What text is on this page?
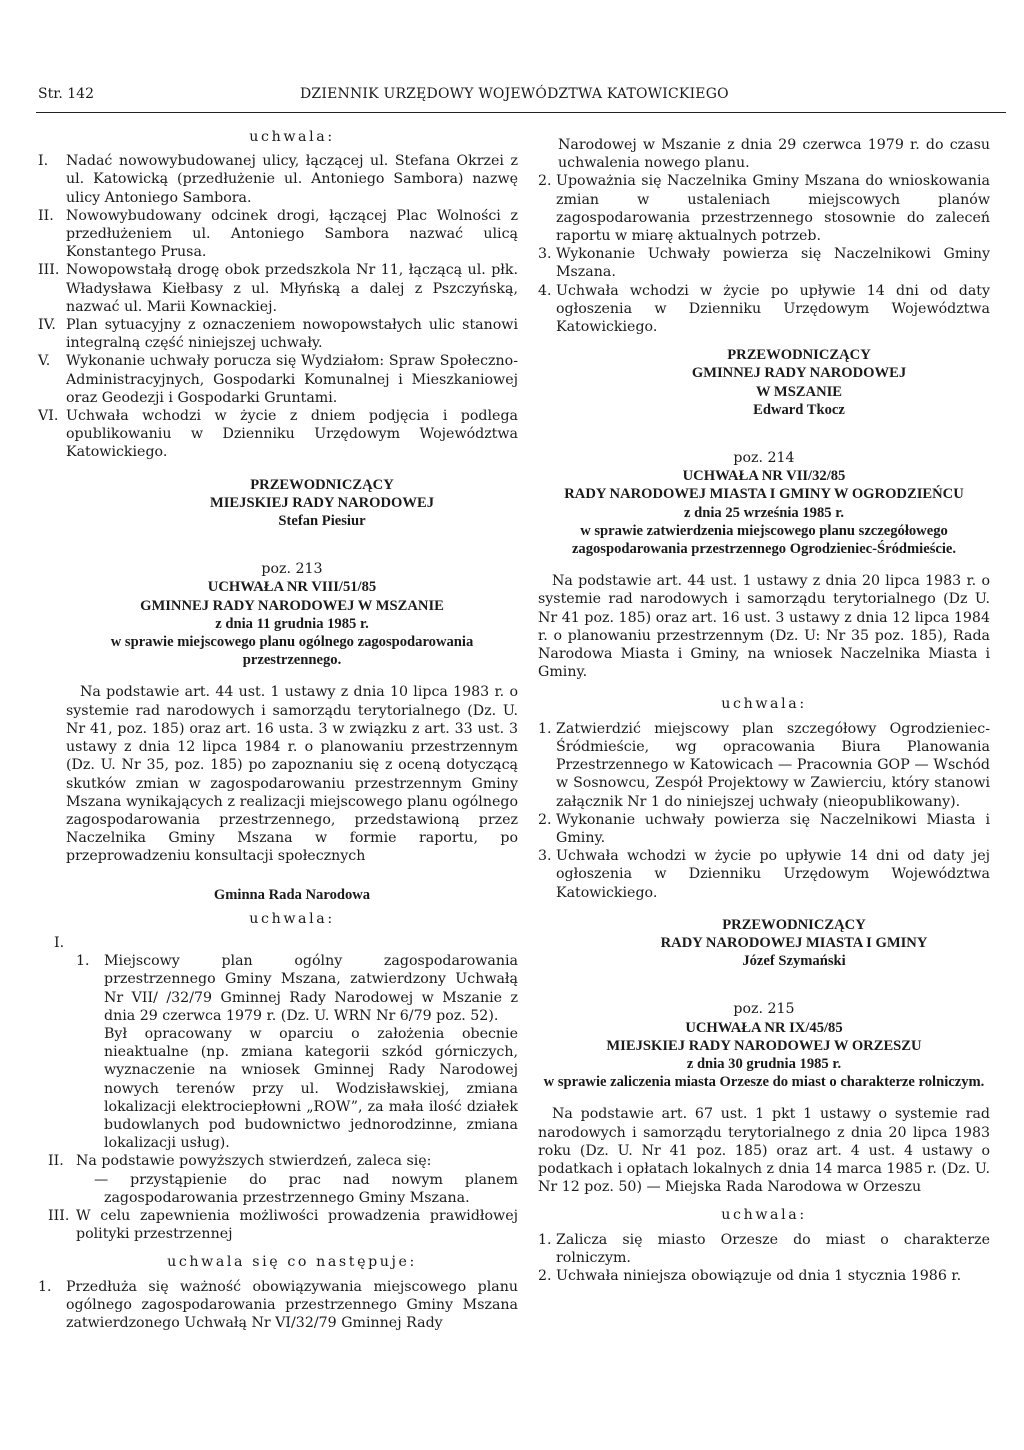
Str. 142	DZIENNIK URZĘDOWY WOJEWÓDZTWA KATOWICKIEGO

uchwala:

I.	Nadać nowowybudowanej ulicy, łączącej ul. Stefana Okrzei z ul. Katowicką (przedłużenie ul. Antoniego Sambora) nazwę ulicy Antoniego Sambora.
II. Nowowybudowany odcinek drogi, łączącej Plac Wolności z przedłużeniem ul. Antoniego Sambora nazwać ulicą Konstantego Prusa.
III. Nowopowstałą drogę obok przedszkola Nr 11, łączącą ul. płk. Władysława Kiełbasy z ul. Młyńską a dalej z Pszczyńską, nazwać ul. Marii Kownackiej.
IV. Plan sytuacyjny z oznaczeniem nowopowstałych ulic stanowi integralną część niniejszej uchwały.
V.	Wykonanie uchwały porucza się Wydziałom: Spraw Społeczno-Administracyjnych, Gospodarki Komunalnej i Mieszkaniowej oraz Geodezji i Gospodarki Gruntami.
VI. Uchwała wchodzi w życie z dniem podjęcia i podlega opublikowaniu w Dzienniku Urzędowym Województwa Katowickiego.

PRZEWODNICZĄCY

MIEJSKIEJ RADY NARODOWEJ

Stefan Piesiur

poz. 213

UCHWAŁA NR VIII/51/85

GMINNEJ RADY NARODOWEJ W MSZANIE

z dnia 11 grudnia 1985 r.

w sprawie miejscowego planu ogólnego zagospodarowania przestrzennego.

Na podstawie art. 44 ust. 1 ustawy z dnia 10 lipca 1983 r. o systemie rad narodowych i samorządu terytorialnego (Dz. U. Nr 41, poz. 185) oraz art. 16 usta. 3 w związku z art. 33 ust. 3 ustawy z dnia 12 lipca 1984 r. o planowaniu przestrzennym (Dz. U. Nr 35, poz. 185) po zapoznaniu się z oceną dotyczącą skutków zmian w zagospodarowaniu przestrzennym Gminy Mszana wynikających z realizacji miejscowego planu ogólnego zagospodarowania przestrzennego, przedstawioną przez Naczelnika Gminy Mszana w formie raportu, po przeprowadzeniu konsultacji społecznych

Gminna Rada Narodowa

uchwala:

I.

1.	Miejscowy plan ogólny zagospodarowania przestrzennego Gminy Mszana, zatwierdzony Uchwałą Nr VII/ /32/79 Gminnej Rady Narodowej w Mszanie z dnia 29 czerwca 1979 r. (Dz. U. WRN Nr 6/79 poz. 52).

Był opracowany w oparciu o założenia obecnie nieaktualne (np. zmiana kategorii szkód górniczych, wyznaczenie na wniosek Gminnej Rady Narodowej nowych terenów przy ul. Wodzisławskiej, zmiana lokalizacji elektrociepłowni „ROW”, za mała ilość działek budowlanych pod budownictwo jednorodzinne, zmiana lokalizacji usług).

II. Na podstawie powyższych stwierdzeń, zaleca się:

— przystąpienie do prac nad nowym planem zagospodarowania przestrzennego Gminy Mszana.

III. W celu zapewnienia możliwości prowadzenia prawidłowej polityki przestrzennej

uchwala się co następuje:

1.	Przedłuża się ważność obowiązywania miejscowego planu ogólnego zagospodarowania przestrzennego Gminy Mszana zatwierdzonego Uchwałą Nr VI/32/79 Gminnej Rady

Narodowej w Mszanie z dnia 29 czerwca 1979 r. do czasu uchwalenia nowego planu.

2. Upoważnia się Naczelnika Gminy Mszana do wnioskowania zmian w ustaleniach miejscowych planów zagospodarowania przestrzennego stosownie do zaleceń raportu w miarę aktualnych potrzeb.
3. Wykonanie Uchwały powierza się Naczelnikowi Gminy Mszana.
4. Uchwała wchodzi w życie po upływie 14 dni od daty ogłoszenia w Dzienniku Urzędowym Województwa Katowickiego.

PRZEWODNICZĄCY

GMINNEJ RADY NARODOWEJ

W MSZANIE

Edward Tkocz

poz. 214

UCHWAŁA NR VII/32/85

RADY NARODOWEJ MIASTA I GMINY W OGRODZIEŃCU

z dnia 25 września 1985 r.

w sprawie zatwierdzenia miejscowego planu szczegółowego zagospodarowania przestrzennego Ogrodzieniec-Śródmieście.

Na podstawie art. 44 ust. 1 ustawy z dnia 20 lipca 1983 r. o systemie rad narodowych i samorządu terytorialnego (Dz U. Nr 41 poz. 185) oraz art. 16 ust. 3 ustawy z dnia 12 lipca 1984 r. o planowaniu przestrzennym (Dz. U: Nr 35 poz. 185), Rada Narodowa Miasta i Gminy, na wniosek Naczelnika Miasta i Gminy.

uchwala:

1. Zatwierdzić miejscowy plan szczegółowy Ogrodzieniec-Śródmieście, wg opracowania Biura Planowania Przestrzennego w Katowicach — Pracownia GOP — Wschód w Sosnowcu, Zespół Projektowy w Zawierciu, który stanowi załącznik Nr 1 do niniejszej uchwały (nieopublikowany).
2. Wykonanie uchwały powierza się Naczelnikowi Miasta i Gminy.
3. Uchwała wchodzi w życie po upływie 14 dni od daty jej ogłoszenia w Dzienniku Urzędowym Województwa Katowickiego.

PRZEWODNICZĄCY

RADY NARODOWEJ MIASTA I GMINY

Józef Szymański

poz. 215

UCHWAŁA NR IX/45/85

MIEJSKIEJ RADY NARODOWEJ W ORZESZU

z dnia 30 grudnia 1985 r.

w sprawie zaliczenia miasta Orzesze do miast o charakterze rolniczym.

Na podstawie art. 67 ust. 1 pkt 1 ustawy o systemie rad narodowych i samorządu terytorialnego z dnia 20 lipca 1983 roku (Dz. U. Nr 41 poz. 185) oraz art. 4 ust. 4 ustawy o podatkach i opłatach lokalnych z dnia 14 marca 1985 r. (Dz. U. Nr 12 poz. 50) — Miejska Rada Narodowa w Orzeszu

uchwala:

1. Zalicza się miasto Orzesze do miast o charakterze rolniczym.
2. Uchwała niniejsza obowiązuje od dnia 1 stycznia 1986 r.
